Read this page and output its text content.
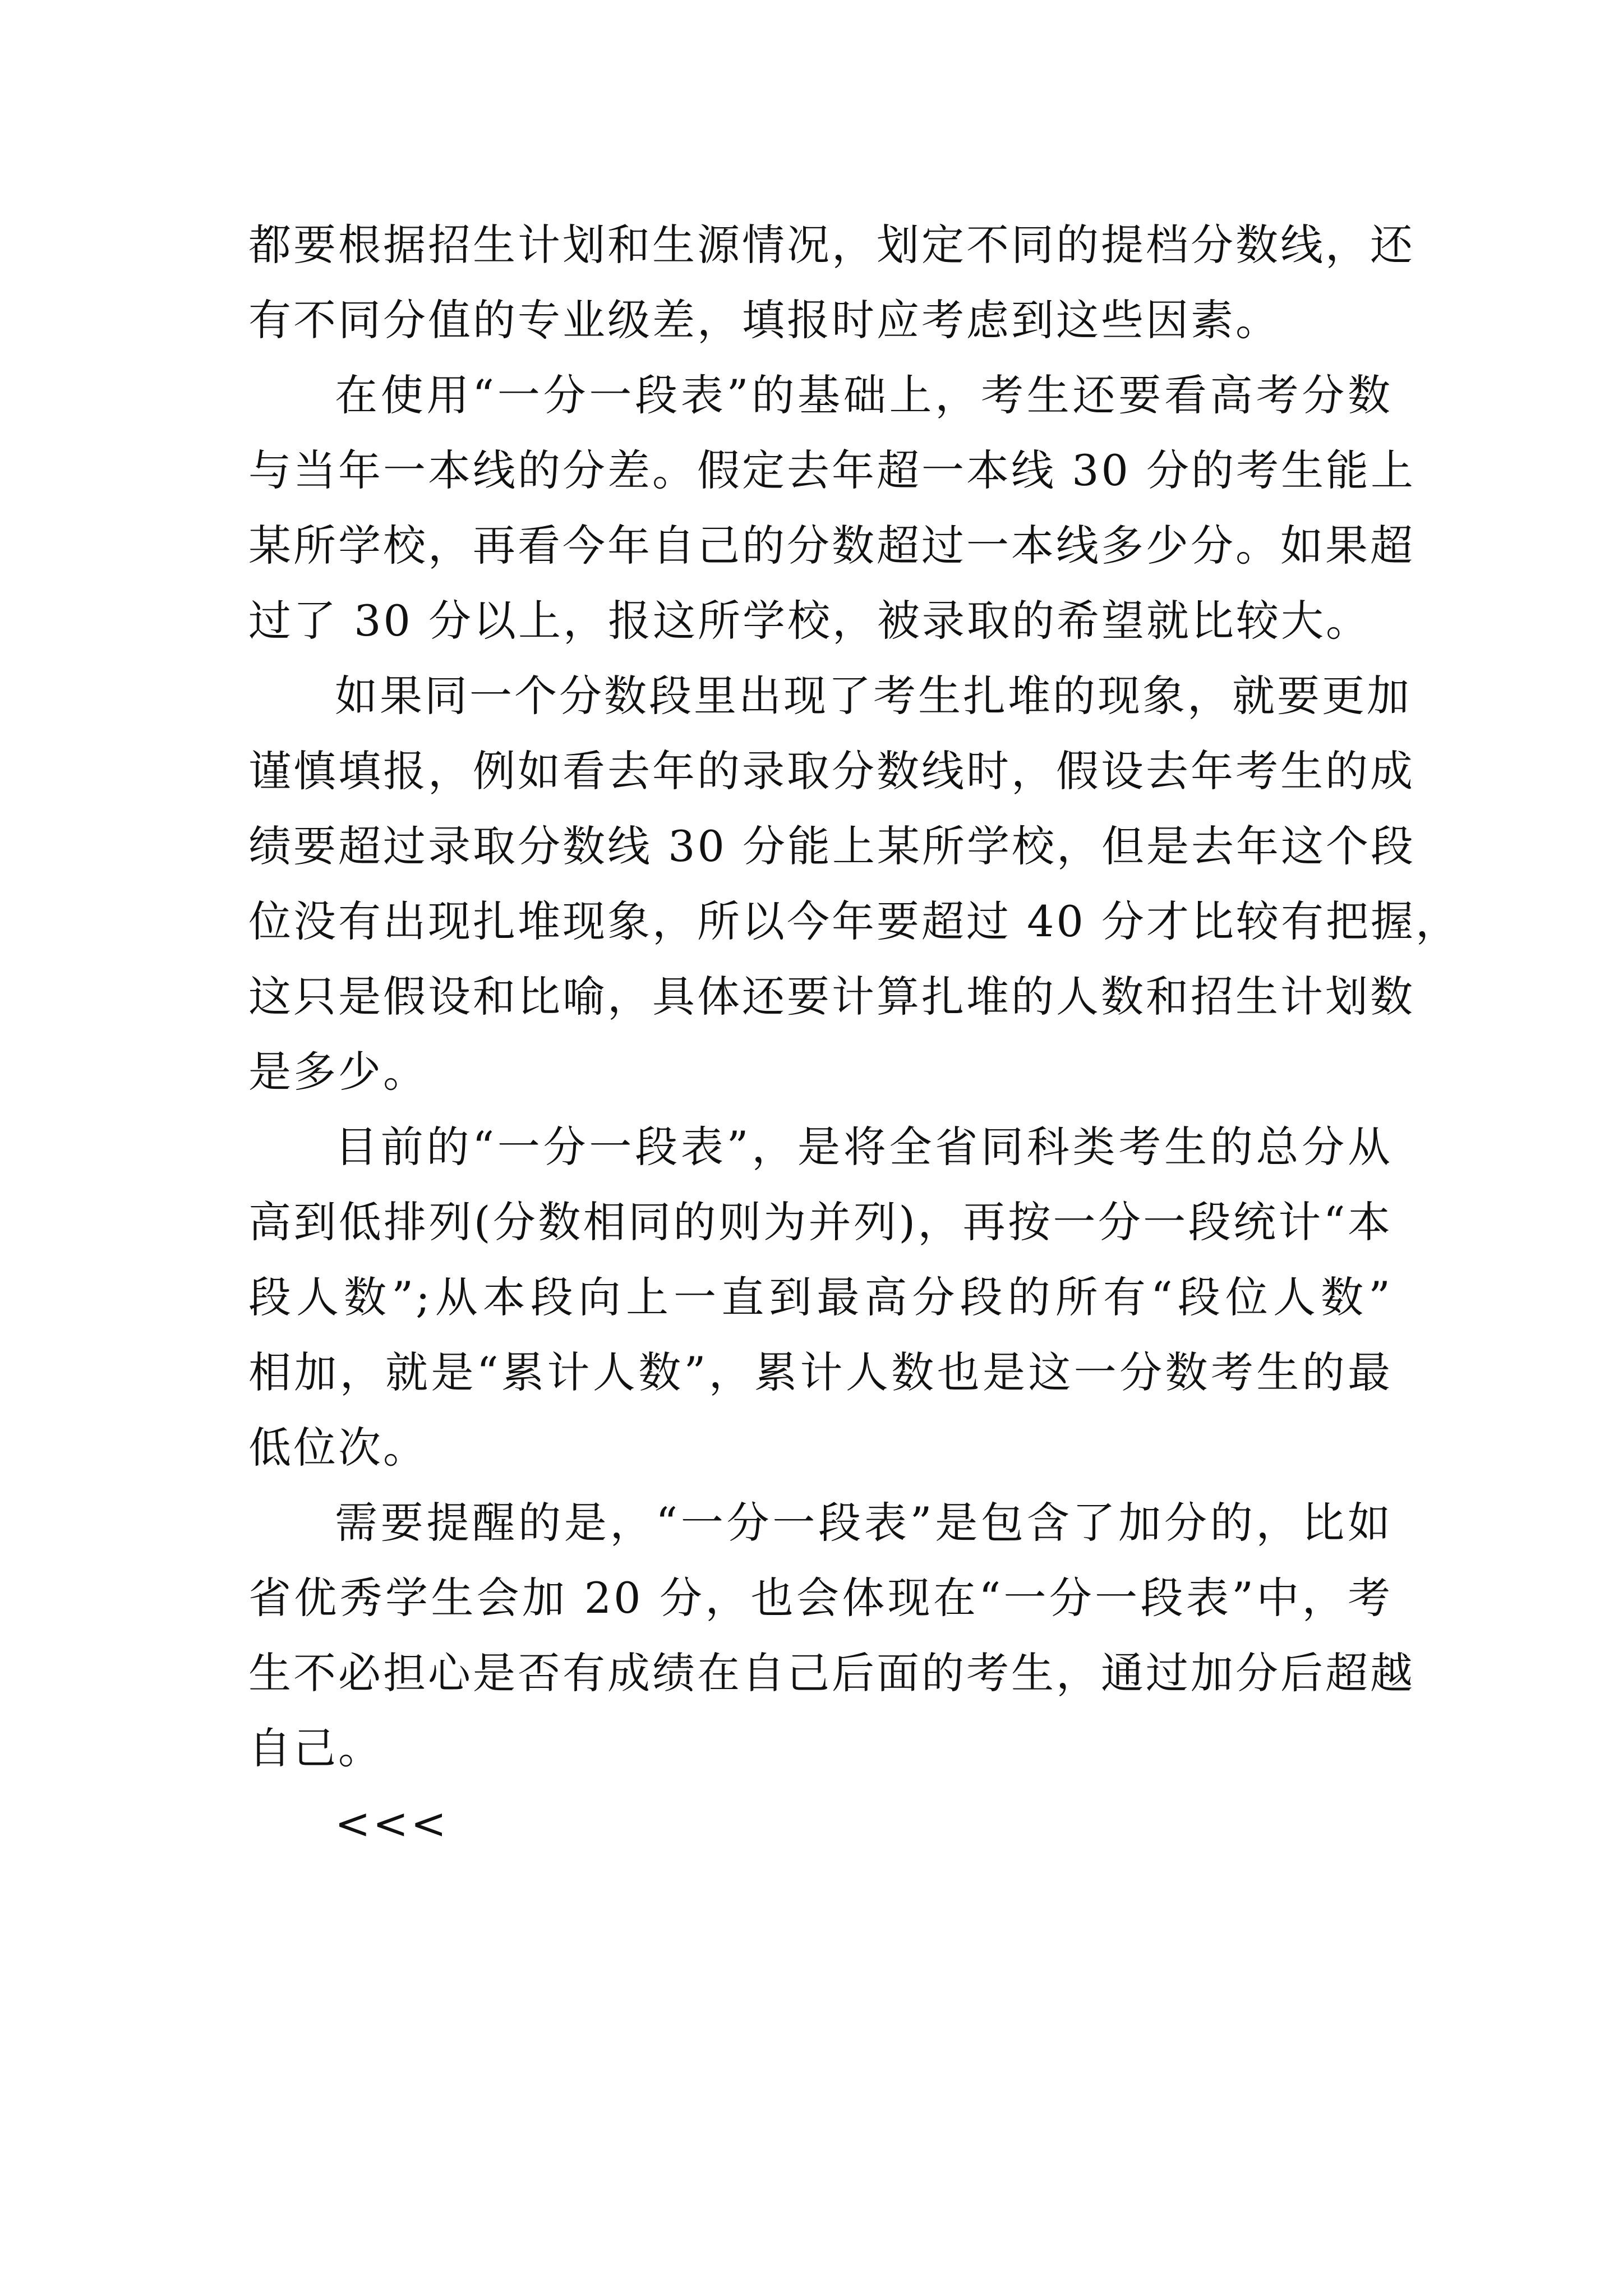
都要根据招生计划和生源情况，划定不同的提档分数线，还
有不同分值的专业级差，填报时应考虑到这些因素。
在使用“一分一段表”的基础上，考生还要看高考分数
与当年一本线的分差。假定去年超一本线 30 分的考生能上
某所学校，再看今年自己的分数超过一本线多少分。如果超
过了 30 分以上，报这所学校，被录取的希望就比较大。
如果同一个分数段里出现了考生扎堆的现象，就要更加
谨慎填报，例如看去年的录取分数线时，假设去年考生的成
绩要超过录取分数线 30 分能上某所学校，但是去年这个段
位没有出现扎堆现象，所以今年要超过 40 分才比较有把握，
这只是假设和比喻，具体还要计算扎堆的人数和招生计划数
是多少。
目前的“一分一段表”，是将全省同科类考生的总分从
高到低排列(分数相同的则为并列)，再按一分一段统计“本
段人数”;从本段向上一直到最高分段的所有“段位人数”
相加，就是“累计人数”，累计人数也是这一分数考生的最
低位次。
需要提醒的是，“一分一段表”是包含了加分的，比如
省优秀学生会加 20 分，也会体现在“一分一段表”中，考
生不必担心是否有成绩在自己后面的考生，通过加分后超越
自己。
<<<
